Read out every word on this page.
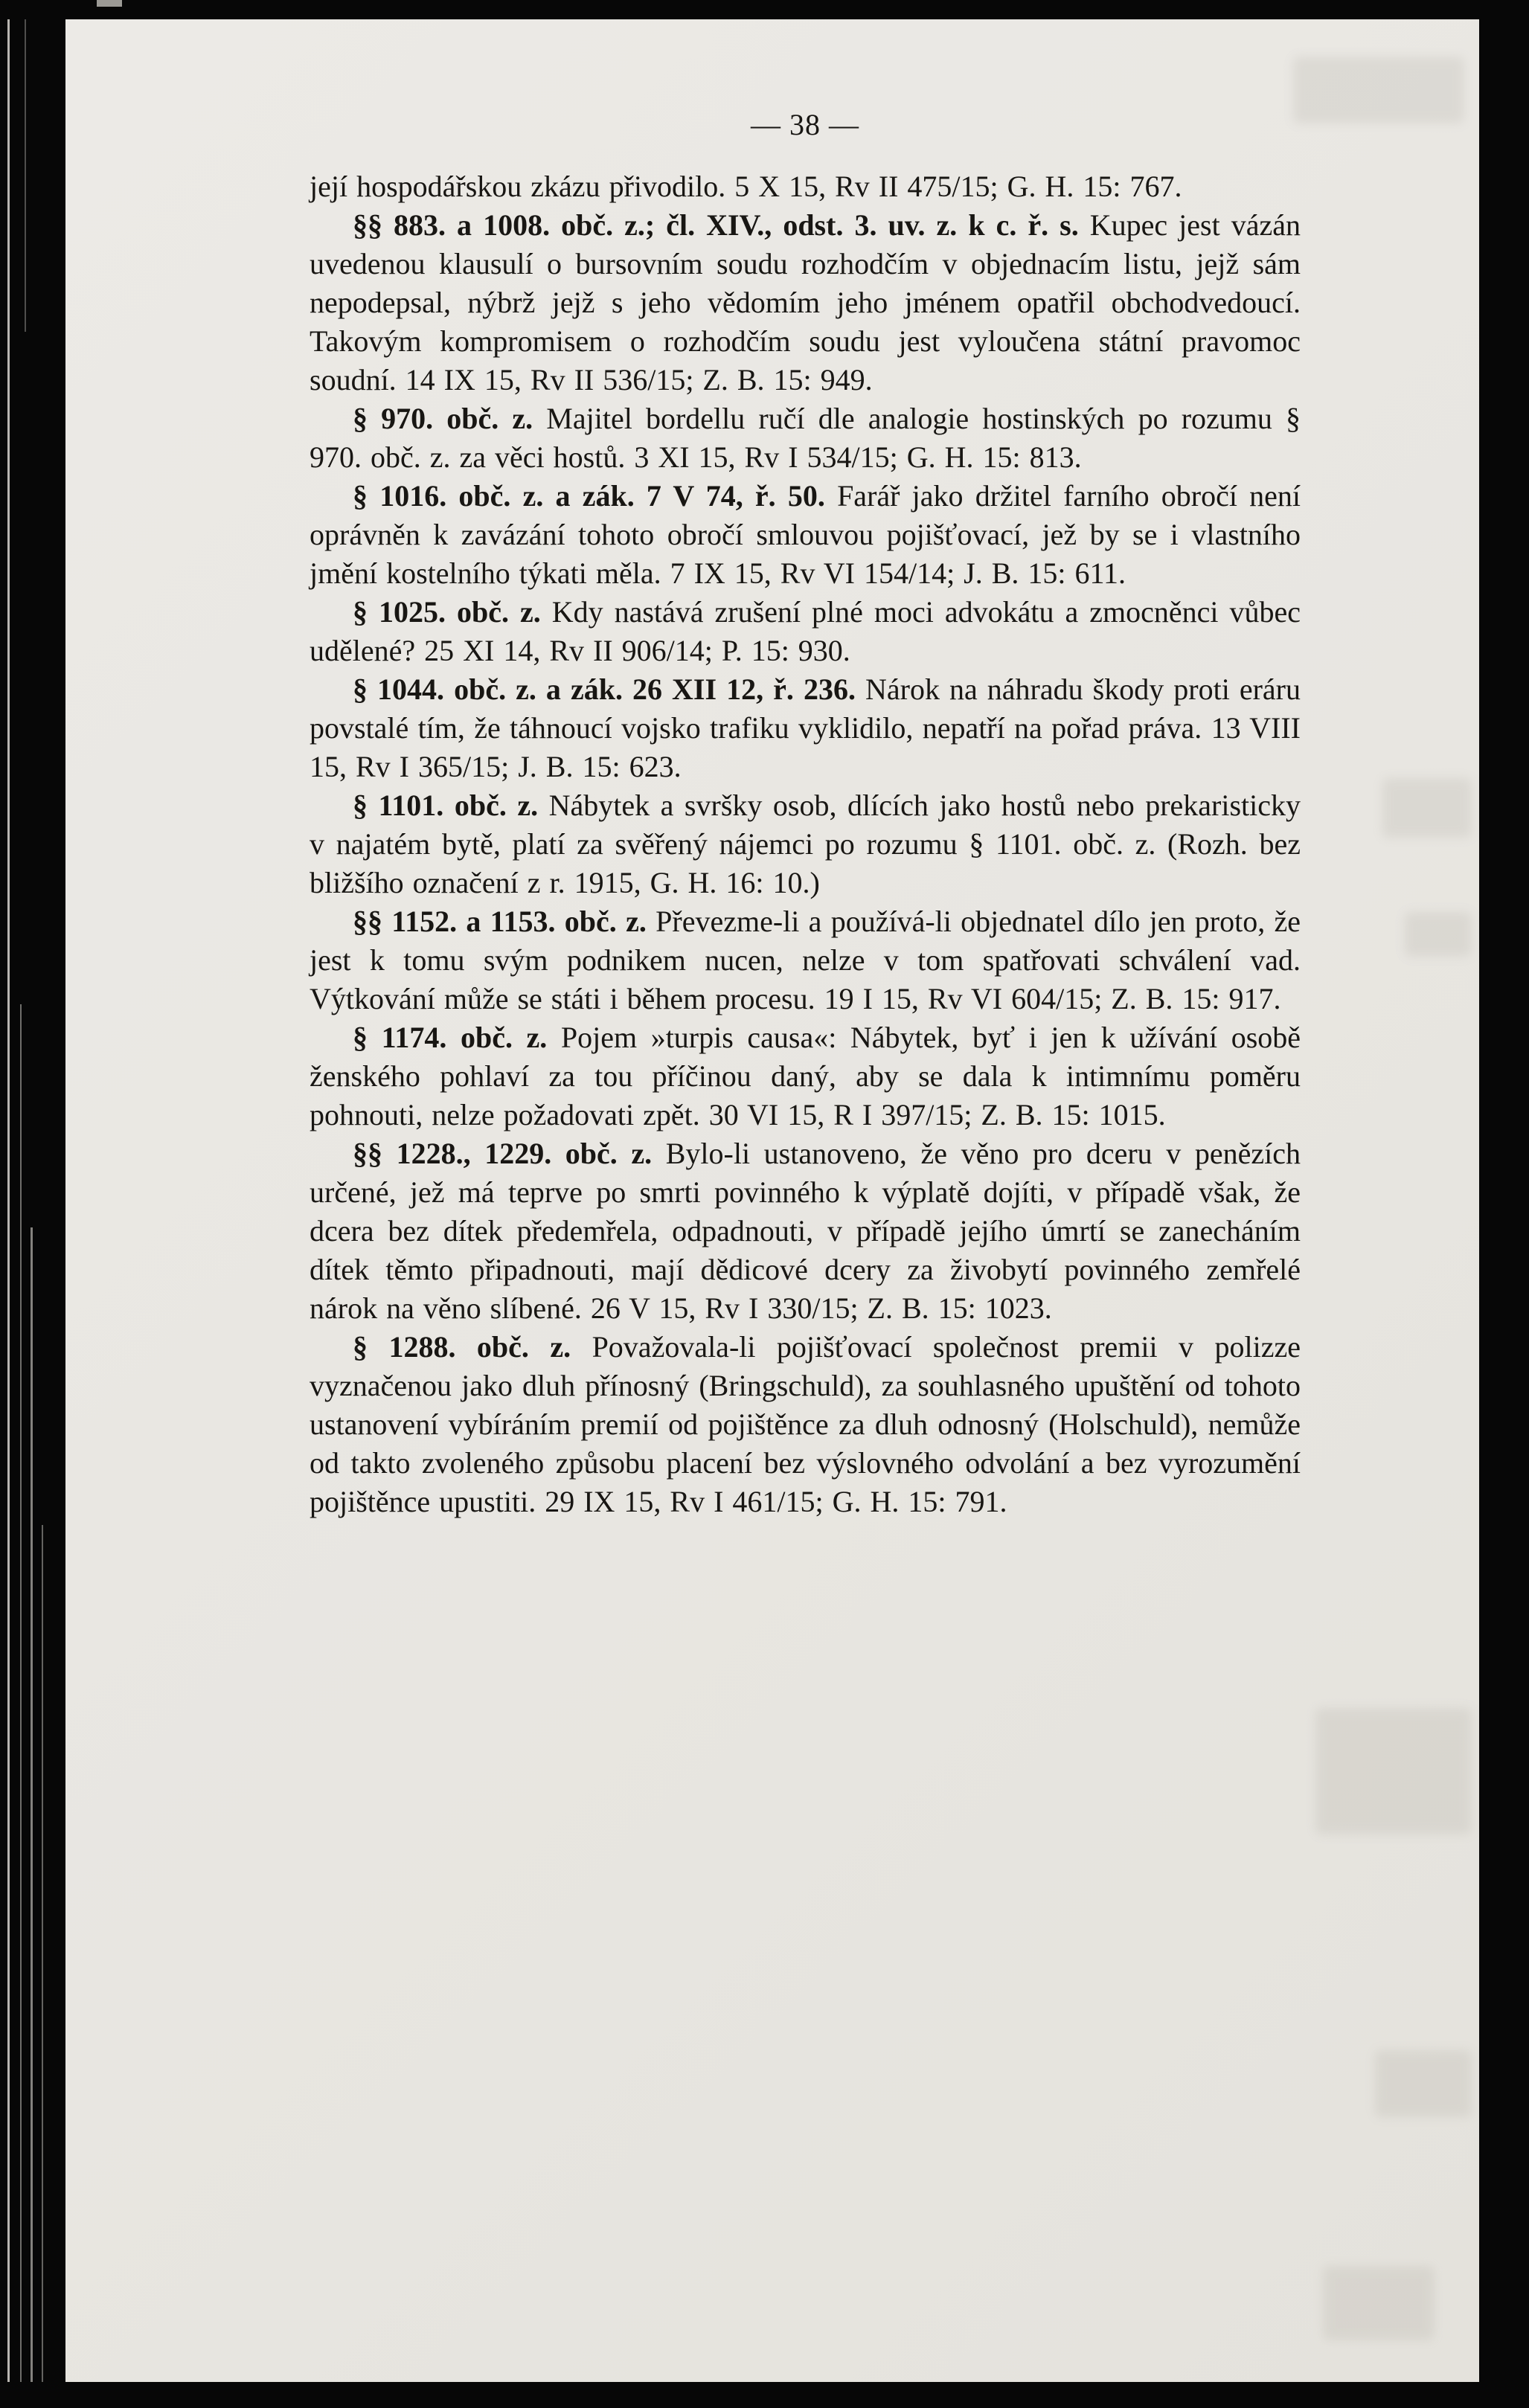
— 38 —

její hospodářskou zkázu přivodilo. 5 X 15, Rv II 475/15; G. H. 15: 767.

§§ 883. a 1008. obč. z.; čl. XIV., odst. 3. uv. z. k c. ř. s. Kupec jest vázán uvedenou klausulí o bursovním soudu rozhodčím v objednacím listu, jejž sám nepodepsal, nýbrž jejž s jeho vědomím jeho jménem opatřil obchodvedoucí. Takovým kompromisem o rozhodčím soudu jest vyloučena státní pravomoc soudní. 14 IX 15, Rv II 536/15; Z. B. 15: 949.

§ 970. obč. z. Majitel bordellu ručí dle analogie hostinských po rozumu § 970. obč. z. za věci hostů. 3 XI 15, Rv I 534/15; G. H. 15: 813.

§ 1016. obč. z. a zák. 7 V 74, ř. 50. Farář jako držitel farního obročí není oprávněn k zavázání tohoto obročí smlouvou pojišťovací, jež by se i vlastního jmění kostelního týkati měla. 7 IX 15, Rv VI 154/14; J. B. 15: 611.

§ 1025. obč. z. Kdy nastává zrušení plné moci advokátu a zmocněnci vůbec udělené? 25 XI 14, Rv II 906/14; P. 15: 930.

§ 1044. obč. z. a zák. 26 XII 12, ř. 236. Nárok na náhradu škody proti eráru povstalé tím, že táhnoucí vojsko trafiku vyklidilo, nepatří na pořad práva. 13 VIII 15, Rv I 365/15; J. B. 15: 623.

§ 1101. obč. z. Nábytek a svršky osob, dlících jako hostů nebo prekaristicky v najatém bytě, platí za svěřený nájemci po rozumu § 1101. obč. z. (Rozh. bez bližšího označení z r. 1915, G. H. 16: 10.)

§§ 1152. a 1153. obč. z. Převezme-li a používá-li objednatel dílo jen proto, že jest k tomu svým podnikem nucen, nelze v tom spatřovati schválení vad. Výtkování může se státi i během procesu. 19 I 15, Rv VI 604/15; Z. B. 15: 917.

§ 1174. obč. z. Pojem »turpis causa«: Nábytek, byť i jen k užívání osobě ženského pohlaví za tou příčinou daný, aby se dala k intimnímu poměru pohnouti, nelze požadovati zpět. 30 VI 15, R I 397/15; Z. B. 15: 1015.

§§ 1228., 1229. obč. z. Bylo-li ustanoveno, že věno pro dceru v penězích určené, jež má teprve po smrti povinného k výplatě dojíti, v případě však, že dcera bez dítek předemřela, odpadnouti, v případě jejího úmrtí se zanecháním dítek těmto připadnouti, mají dědicové dcery za živobytí povinného zemřelé nárok na věno slíbené. 26 V 15, Rv I 330/15; Z. B. 15: 1023.

§ 1288. obč. z. Považovala-li pojišťovací společnost premii v polizze vyznačenou jako dluh přínosný (Bringschuld), za souhlasného upuštění od tohoto ustanovení vybíráním premií od pojištěnce za dluh odnosný (Holschuld), nemůže od takto zvoleného způsobu placení bez výslovného odvolání a bez vyrozumění pojištěnce upustiti. 29 IX 15, Rv I 461/15; G. H. 15: 791.
